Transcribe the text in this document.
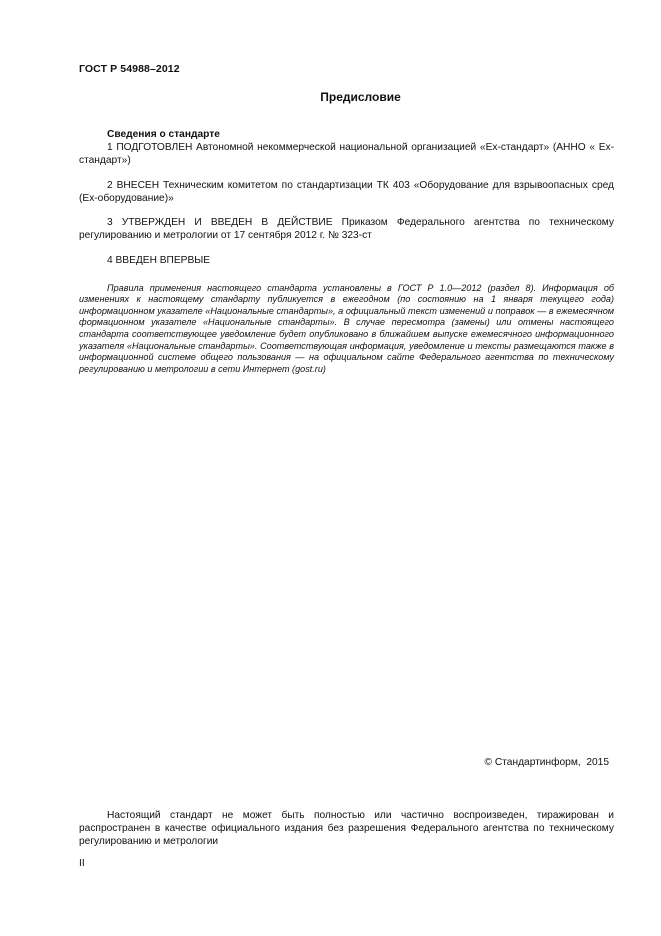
ГОСТ Р 54988–2012
Предисловие

Сведения о стандарте

1 ПОДГОТОВЛЕН Автономной некоммерческой национальной организацией «Ex-стандарт» (АННО « Ex-стандарт»)

2 ВНЕСЕН Техническим комитетом по стандартизации ТК 403 «Оборудование для взрывоопасных сред (Ex-оборудование)»

3 УТВЕРЖДЕН И ВВЕДЕН В ДЕЙСТВИЕ Приказом Федерального агентства по техническому регулированию и метрологии от 17 сентября 2012 г. № 323-ст

4 ВВЕДЕН ВПЕРВЫЕ

Правила применения настоящего стандарта установлены в ГОСТ Р 1.0—2012 (раздел 8). Информация об изменениях к настоящему стандарту публикуется в ежегодном (по состоянию на 1 января текущего года) информационном указателе «Национальные стандарты», а официальный текст изменений и поправок — в ежемесячном формационном указателе «Национальные стандарты». В случае пересмотра (замены) или отмены настоящего стандарта соответствующее уведомление будет опубликовано в ближайшем выпуске ежемесячного информационного указателя «Национальные стандарты». Соответствующая информация, уведомление и тексты размещаются также в информационной системе общего пользования — на официальном сайте Федерального агентства по техническому регулированию и метрологии в сети Интернет (gost.ru)

© Стандартинформ,  2015

Настоящий стандарт не может быть полностью или частично воспроизведен, тиражирован и распространен в качестве официального издания без разрешения Федерального агентства по техническому регулированию и метрологии

II
